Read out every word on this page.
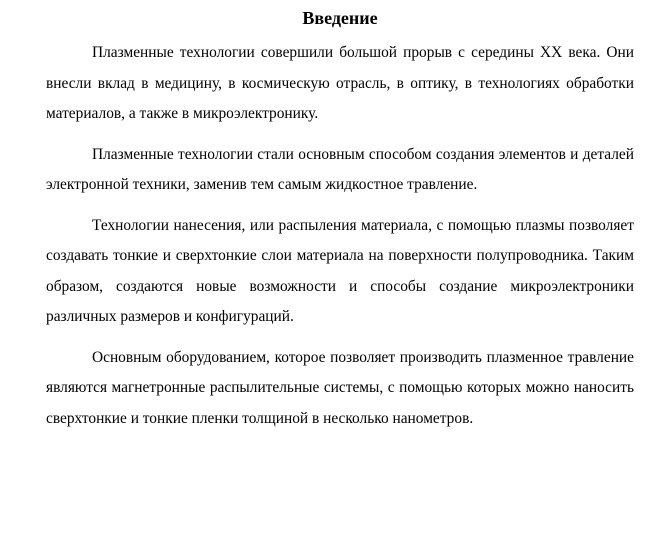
Введение

Плазменные технологии совершили большой прорыв с середины XX века. Они внесли вклад в медицину, в космическую отрасль, в оптику, в технологиях обработки материалов, а также в микроэлектронику.

Плазменные технологии стали основным способом создания элементов и деталей электронной техники, заменив тем самым жидкостное травление.

Технологии нанесения, или распыления материала, с помощью плазмы позволяет создавать тонкие и сверхтонкие слои материала на поверхности полупроводника. Таким образом, создаются новые возможности и способы создание микроэлектроники различных размеров и конфигураций.

Основным оборудованием, которое позволяет производить плазменное травление являются магнетронные распылительные системы, с помощью которых можно наносить сверхтонкие и тонкие пленки толщиной в несколько нанометров.
